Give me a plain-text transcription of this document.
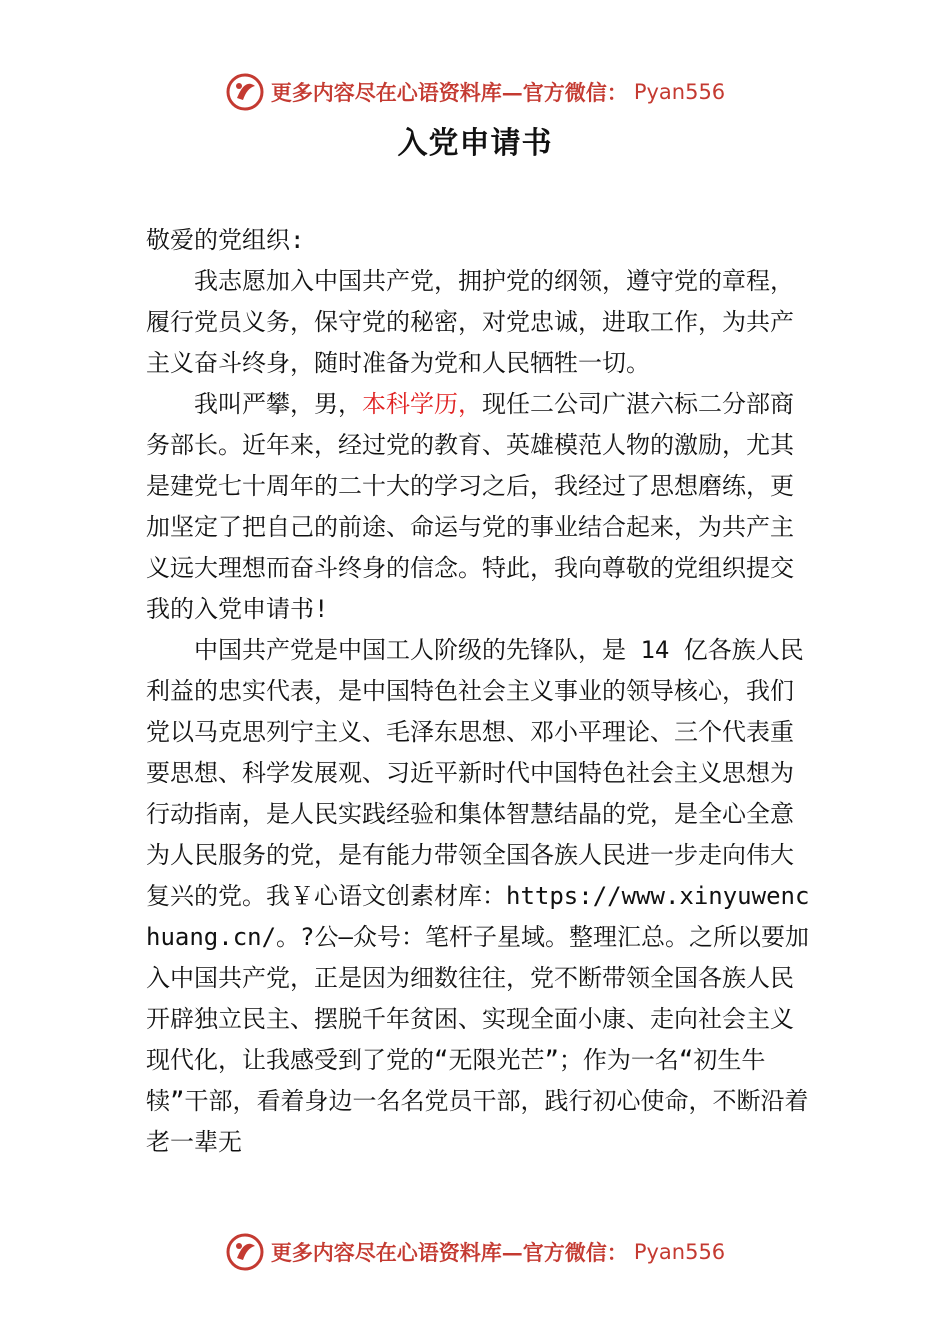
更多内容尽在心语资料库—官方微信： Pyan556
入党申请书

敬爱的党组织:

我志愿加入中国共产党，拥护党的纲领，遵守党的章程，履行党员义务，保守党的秘密，对党忠诚，进取工作，为共产主义奋斗终身，随时准备为党和人民牺牲一切。

我叫严攀，男，本科学历，现任二公司广湛六标二分部商务部长。近年来，经过党的教育、英雄模范人物的激励，尤其是建党七十周年的二十大的学习之后，我经过了思想磨练，更加坚定了把自己的前途、命运与党的事业结合起来，为共产主义远大理想而奋斗终身的信念。特此，我向尊敬的党组织提交我的入党申请书!

中国共产党是中国工人阶级的先锋队，是 14 亿各族人民利益的忠实代表，是中国特色社会主义事业的领导核心，我们党以马克思列宁主义、毛泽东思想、邓小平理论、三个代表重要思想、科学发展观、习近平新时代中国特色社会主义思想为行动指南，是人民实践经验和集体智慧结晶的党，是全心全意为人民服务的党，是有能力带领全国各族人民进一步走向伟大复兴的党。我￥心语文创素材库：https://www.xinyuwenchuang.cn/。?公—众号：笔杆子星域。整理汇总。之所以要加入中国共产党，正是因为细数往往，党不断带领全国各族人民开辟独立民主、摆脱千年贫困、实现全面小康、走向社会主义现代化，让我感受到了党的“无限光芒”；作为一名“初生牛犊”干部，看着身边一名名党员干部，践行初心使命，不断沿着老一辈无

更多内容尽在心语资料库—官方微信： Pyan556
